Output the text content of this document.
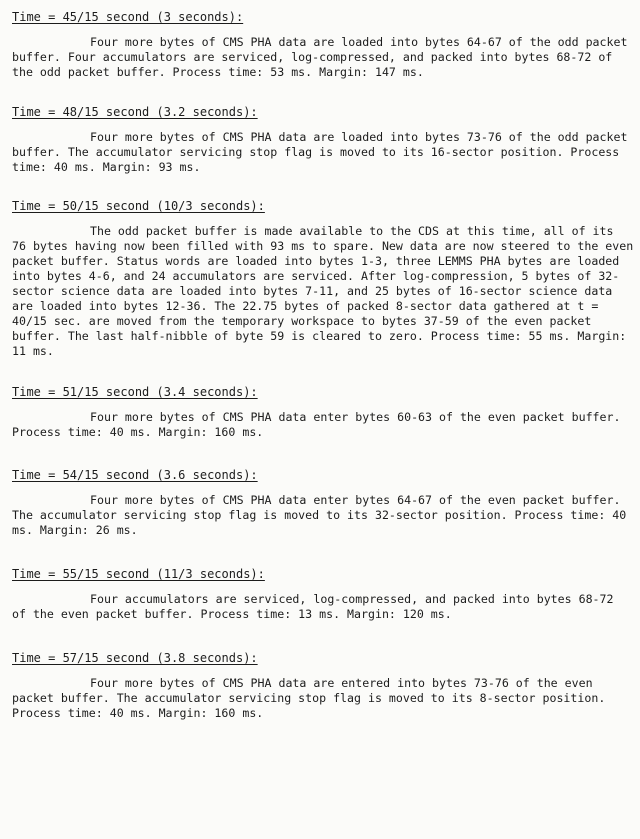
Time = 45/15 second (3 seconds):

Four more bytes of CMS PHA data are loaded into bytes 64-67 of the odd packet buffer. Four accumulators are serviced, log-compressed, and packed into bytes 68-72 of the odd packet buffer. Process time: 53 ms. Margin: 147 ms.

Time = 48/15 second (3.2 seconds):

Four more bytes of CMS PHA data are loaded into bytes 73-76 of the odd packet buffer. The accumulator servicing stop flag is moved to its 16-sector position. Process time: 40 ms. Margin: 93 ms.

Time = 50/15 second (10/3 seconds):

The odd packet buffer is made available to the CDS at this time, all of its 76 bytes having now been filled with 93 ms to spare. New data are now steered to the even packet buffer. Status words are loaded into bytes 1-3, three LEMMS PHA bytes are loaded into bytes 4-6, and 24 accumulators are serviced. After log-compression, 5 bytes of 32-sector science data are loaded into bytes 7-11, and 25 bytes of 16-sector science data are loaded into bytes 12-36. The 22.75 bytes of packed 8-sector data gathered at t = 40/15 sec. are moved from the temporary workspace to bytes 37-59 of the even packet buffer. The last half-nibble of byte 59 is cleared to zero. Process time: 55 ms. Margin: 11 ms.

Time = 51/15 second (3.4 seconds):

Four more bytes of CMS PHA data enter bytes 60-63 of the even packet buffer. Process time: 40 ms. Margin: 160 ms.

Time = 54/15 second (3.6 seconds):

Four more bytes of CMS PHA data enter bytes 64-67 of the even packet buffer. The accumulator servicing stop flag is moved to its 32-sector position. Process time: 40 ms. Margin: 26 ms.

Time = 55/15 second (11/3 seconds):

Four accumulators are serviced, log-compressed, and packed into bytes 68-72 of the even packet buffer. Process time: 13 ms. Margin: 120 ms.

Time = 57/15 second (3.8 seconds):

Four more bytes of CMS PHA data are entered into bytes 73-76 of the even packet buffer. The accumulator servicing stop flag is moved to its 8-sector position. Process time: 40 ms. Margin: 160 ms.
